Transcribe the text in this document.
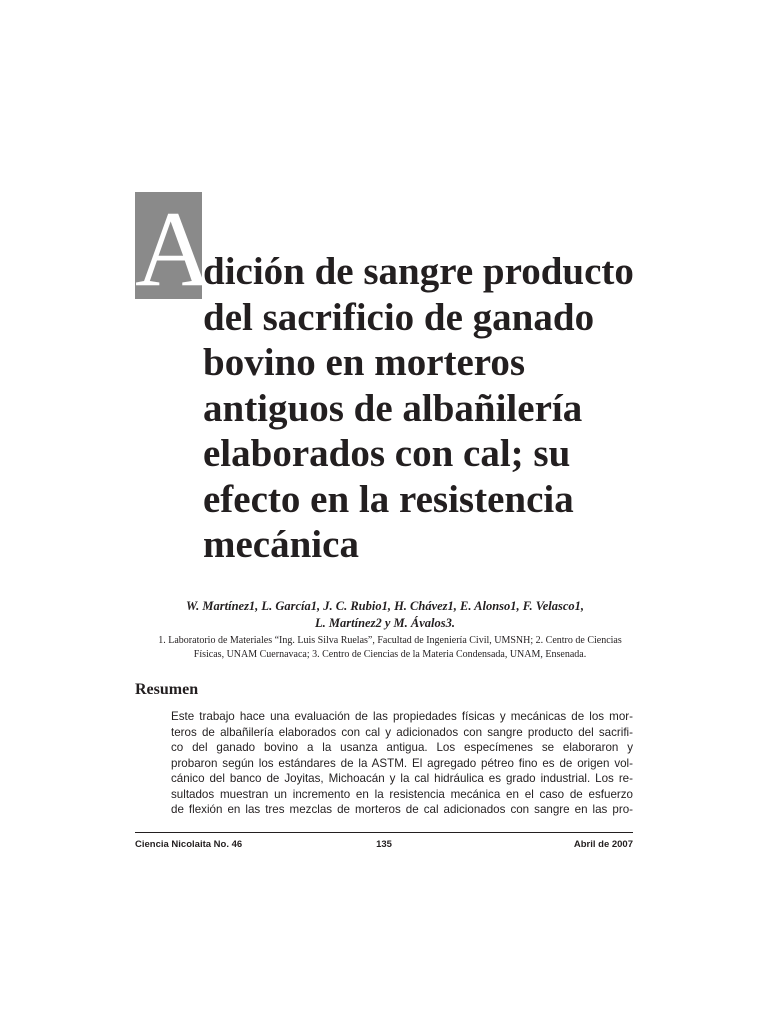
A
dición de sangre producto
del sacrificio de ganado
bovino en morteros
antiguos de albañilería
elaborados con cal; su
efecto en la resistencia
mecánica
W. Martínez1, L. García1, J. C. Rubio1, H. Chávez1, E. Alonso1, F. Velasco1,
L. Martínez2 y M. Ávalos3.
1. Laboratorio de Materiales “Ing. Luis Silva Ruelas”, Facultad de Ingeniería Civil, UMSNH; 2. Centro de Ciencias
Físicas, UNAM Cuernavaca; 3. Centro de Ciencias de la Materia Condensada, UNAM, Ensenada.
Resumen
Este trabajo hace una evaluación de las propiedades físicas y mecánicas de los mor-
teros de albañilería elaborados con cal y adicionados con sangre producto del sacrifi-
co del ganado bovino a la usanza antigua. Los especímenes se elaboraron y
probaron según los estándares de la ASTM. El agregado pétreo fino es de origen vol-
cánico del banco de Joyitas, Michoacán y la cal hidráulica es grado industrial. Los re-
sultados muestran un incremento en la resistencia mecánica en el caso de esfuerzo
de flexión en las tres mezclas de morteros de cal adicionados con sangre en las pro-
Ciencia Nicolaita No. 46	135	Abril de 2007
